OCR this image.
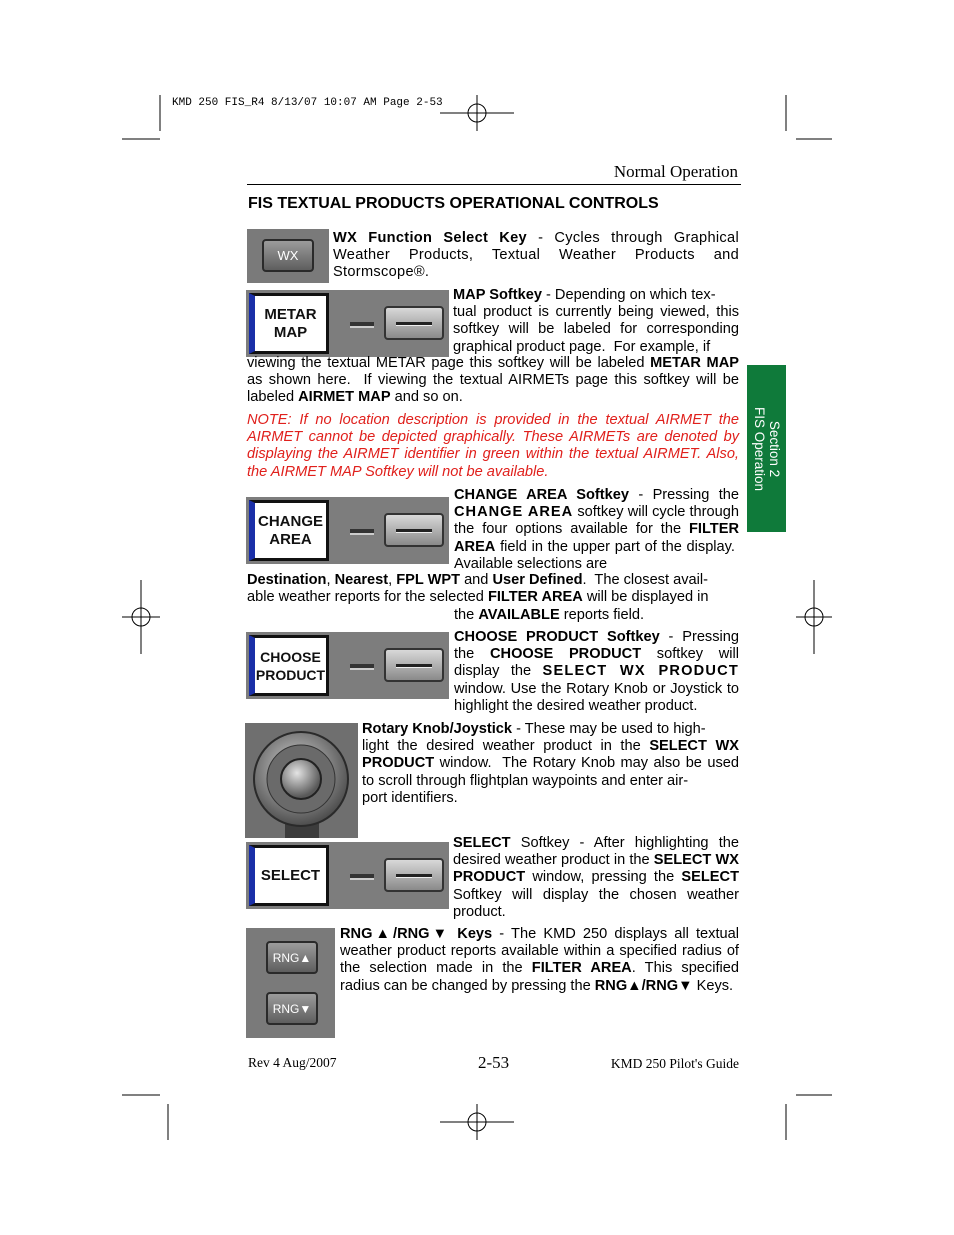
KMD 250 FIS_R4 8/13/07 10:07 AM Page 2-53
Normal Operation
FIS TEXTUAL PRODUCTS OPERATIONAL CONTROLS
Section 2
FIS Operation
WX

WX Function Select Key - Cycles through Graphical Weather Products, Textual Weather Products and Stormscope®.

METAR
MAP

MAP Softkey - Depending on which tex-
tual product is currently being viewed, this softkey will be labeled for corresponding graphical product page.  For example, if

viewing the textual METAR page this softkey will be labeled METAR MAP as shown here.  If viewing the textual AIRMETs page this softkey will be labeled AIRMET MAP and so on.

NOTE: If no location description is provided in the textual AIRMET the AIRMET cannot be depicted graphically. These AIRMETs are denoted by displaying the AIRMET identifier in green within the textual AIRMET. Also, the AIRMET MAP Softkey will not be available.
CHANGE
AREA

CHANGE AREA Softkey - Pressing the CHANGE AREA softkey will cycle through the four options available for the FILTER AREA field in the upper part of the display.  Available selections are

Destination, Nearest, FPL WPT and User Defined.  The closest avail-
able weather reports for the selected FILTER AREA will be displayed in

the AVAILABLE reports field.

CHOOSE
PRODUCT

CHOOSE PRODUCT Softkey - Pressing the CHOOSE PRODUCT softkey will display the SELECT WX PRODUCT window. Use the Rotary Knob or Joystick to highlight the desired weather product.

Rotary Knob/Joystick - These may be used to high-
light the desired weather product in the SELECT WX PRODUCT window.  The Rotary Knob may also be used to scroll through flightplan waypoints and enter air-
port identifiers.

SELECT

SELECT Softkey - After highlighting the desired weather product in the SELECT WX PRODUCT window, pressing the SELECT Softkey will display the chosen weather product.

RNG▲
RNG▼

RNG▲/RNG▼ Keys - The KMD 250 displays all textual weather product reports available within a specified radius of the selection made in the FILTER AREA. This specified radius can be changed by pressing the RNG▲/RNG▼ Keys.

Rev 4 Aug/2007	2-53	KMD 250 Pilot's Guide
